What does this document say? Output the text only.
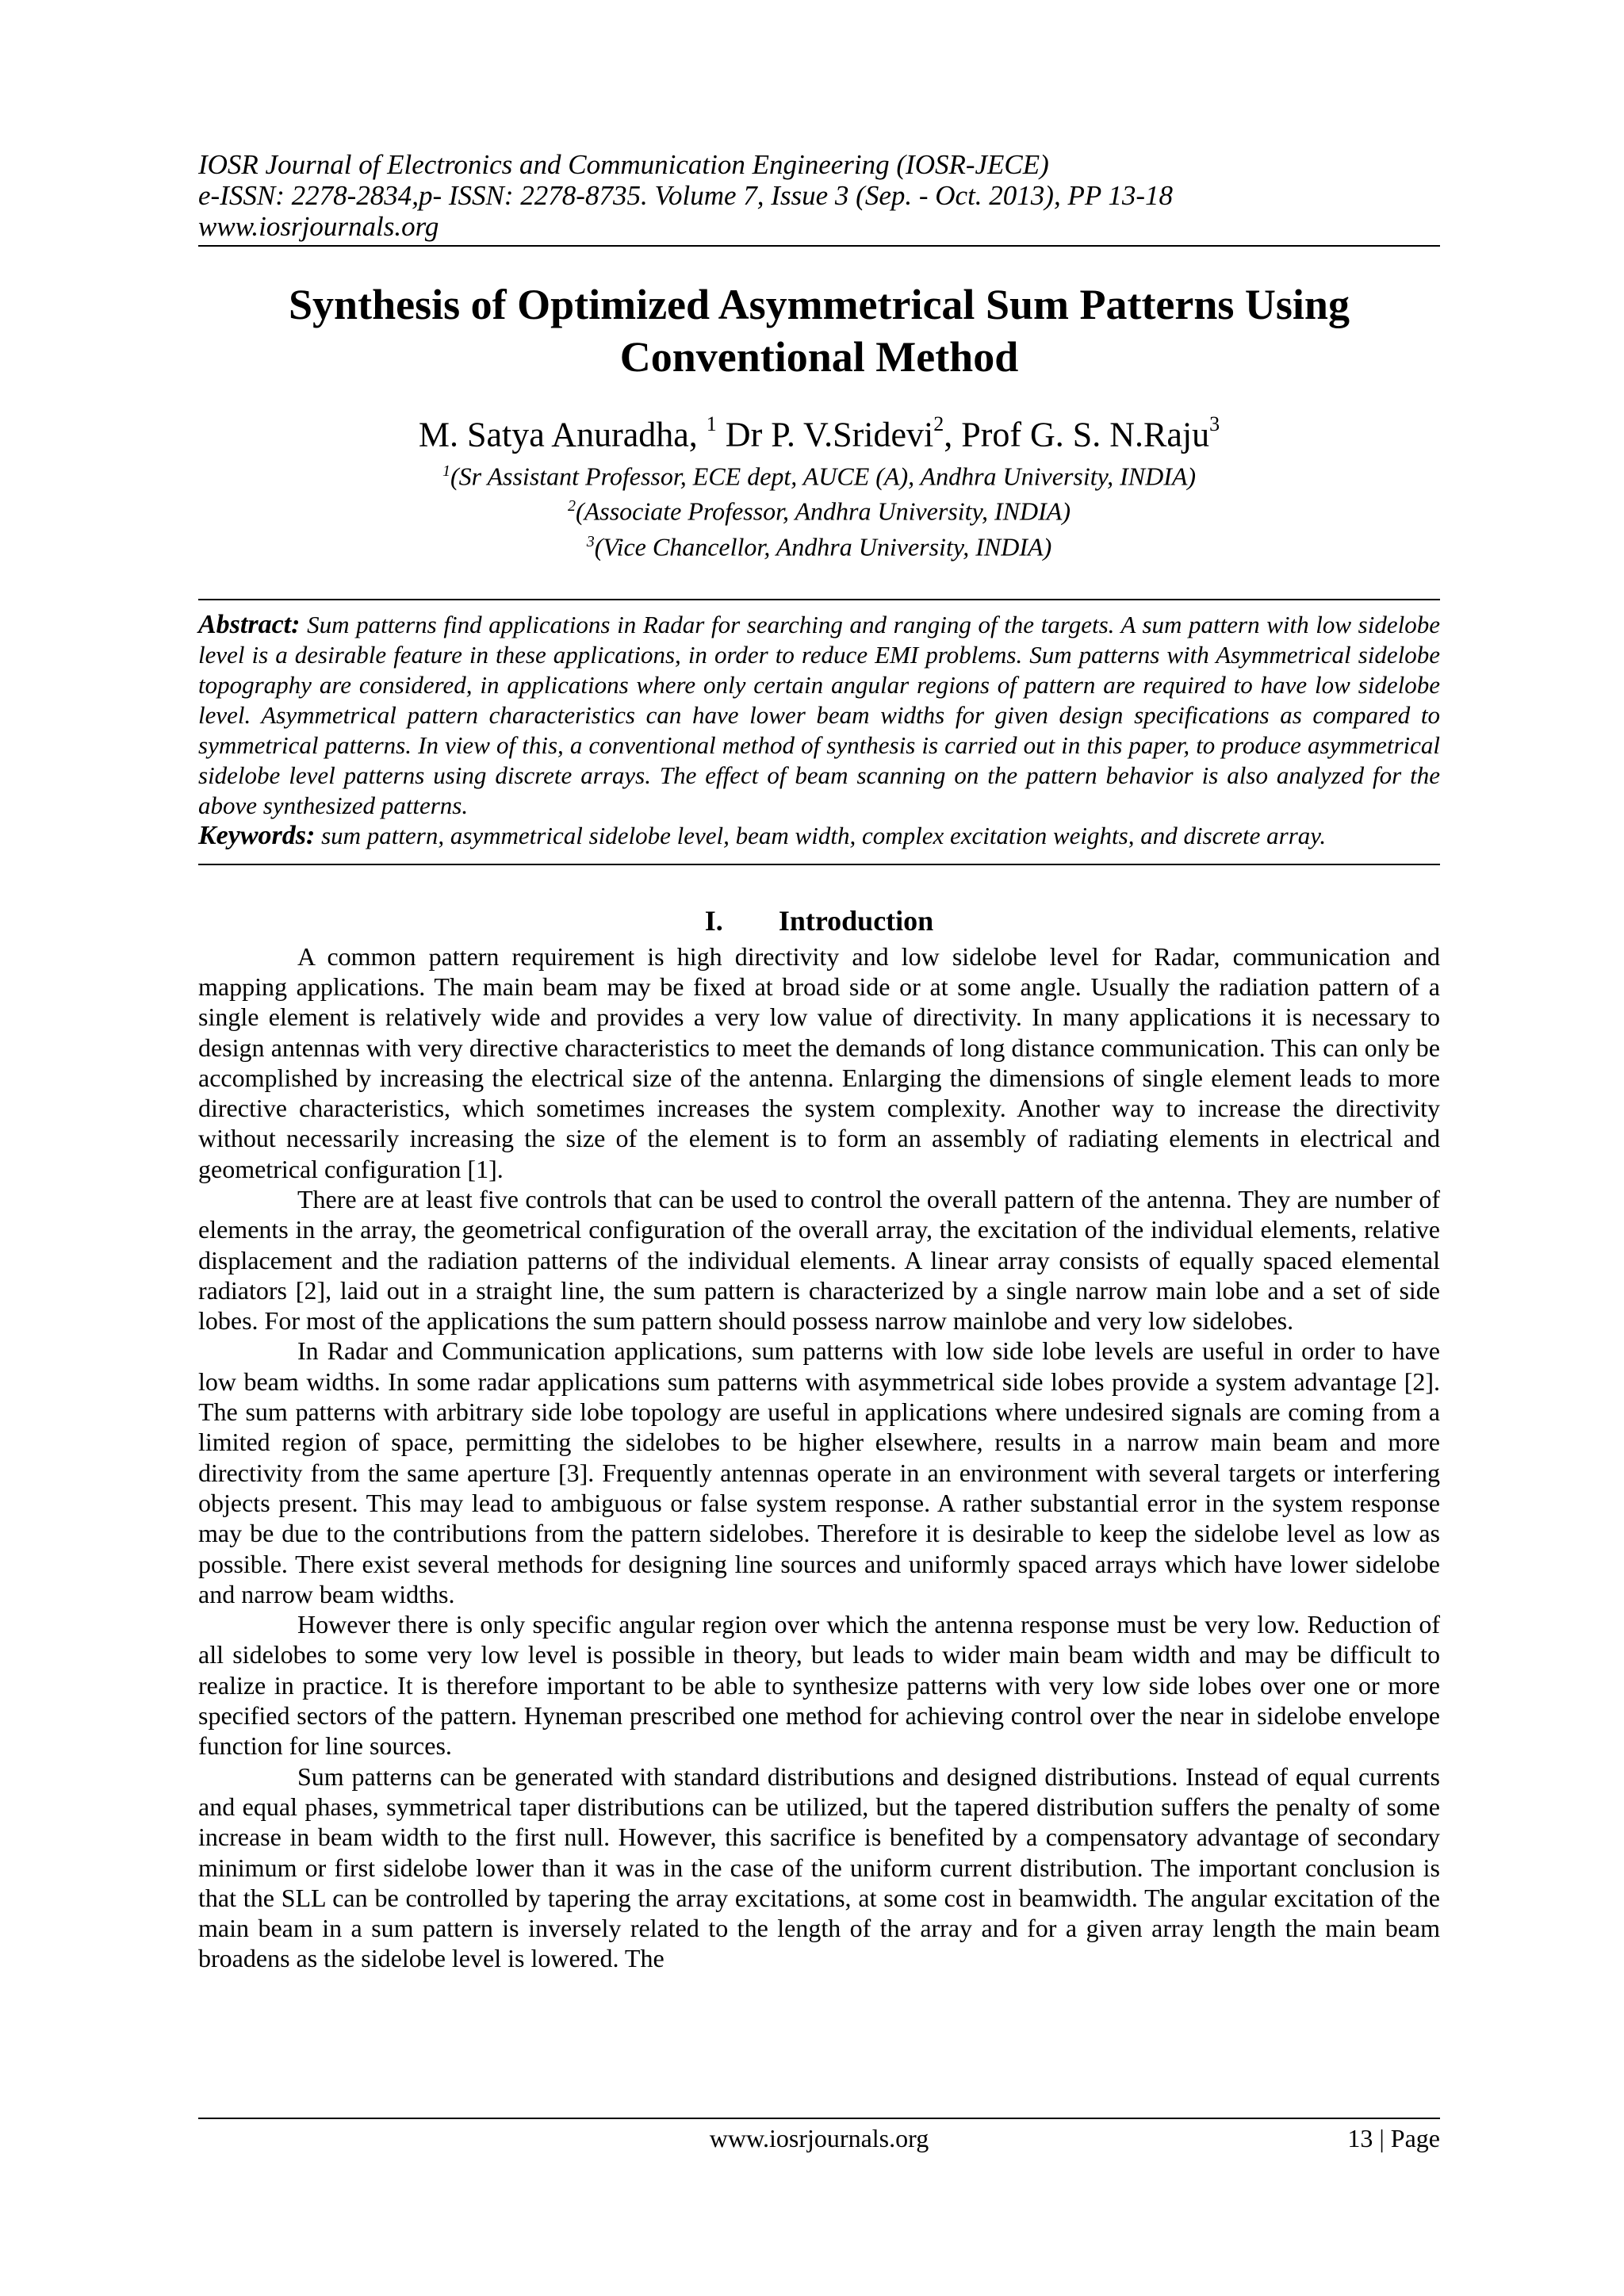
IOSR Journal of Electronics and Communication Engineering (IOSR-JECE)
e-ISSN: 2278-2834,p- ISSN: 2278-8735. Volume 7, Issue 3 (Sep. - Oct. 2013), PP 13-18
www.iosrjournals.org
Synthesis of Optimized Asymmetrical Sum Patterns Using
Conventional Method
M. Satya Anuradha, $^1$ Dr P. V.Sridevi$^2$, Prof G. S. N.Raju$^3$
$^1$(Sr Assistant Professor, ECE dept, AUCE (A), Andhra University, INDIA)
$^2$(Associate Professor, Andhra University, INDIA)
$^3$(Vice Chancellor, Andhra University, INDIA)

Abstract: Sum patterns find applications in Radar for searching and ranging of the targets. A sum pattern with low sidelobe level is a desirable feature in these applications, in order to reduce EMI problems. Sum patterns with Asymmetrical sidelobe topography are considered, in applications where only certain angular regions of pattern are required to have low sidelobe level. Asymmetrical pattern characteristics can have lower beam widths for given design specifications as compared to symmetrical patterns. In view of this, a conventional method of synthesis is carried out in this paper, to produce asymmetrical sidelobe level patterns using discrete arrays. The effect of beam scanning on the pattern behavior is also analyzed for the above synthesized patterns.

Keywords: sum pattern, asymmetrical sidelobe level, beam width, complex excitation weights, and discrete array.

I. Introduction

A common pattern requirement is high directivity and low sidelobe level for Radar, communication and mapping applications. The main beam may be fixed at broad side or at some angle. Usually the radiation pattern of a single element is relatively wide and provides a very low value of directivity. In many applications it is necessary to design antennas with very directive characteristics to meet the demands of long distance communication. This can only be accomplished by increasing the electrical size of the antenna. Enlarging the dimensions of single element leads to more directive characteristics, which sometimes increases the system complexity. Another way to increase the directivity without necessarily increasing the size of the element is to form an assembly of radiating elements in electrical and geometrical configuration [1].

There are at least five controls that can be used to control the overall pattern of the antenna. They are number of elements in the array, the geometrical configuration of the overall array, the excitation of the individual elements, relative displacement and the radiation patterns of the individual elements. A linear array consists of equally spaced elemental radiators [2], laid out in a straight line, the sum pattern is characterized by a single narrow main lobe and a set of side lobes. For most of the applications the sum pattern should possess narrow mainlobe and very low sidelobes.

In Radar and Communication applications, sum patterns with low side lobe levels are useful in order to have low beam widths. In some radar applications sum patterns with asymmetrical side lobes provide a system advantage [2]. The sum patterns with arbitrary side lobe topology are useful in applications where undesired signals are coming from a limited region of space, permitting the sidelobes to be higher elsewhere, results in a narrow main beam and more directivity from the same aperture [3]. Frequently antennas operate in an environment with several targets or interfering objects present. This may lead to ambiguous or false system response. A rather substantial error in the system response may be due to the contributions from the pattern sidelobes. Therefore it is desirable to keep the sidelobe level as low as possible. There exist several methods for designing line sources and uniformly spaced arrays which have lower sidelobe and narrow beam widths.

However there is only specific angular region over which the antenna response must be very low. Reduction of all sidelobes to some very low level is possible in theory, but leads to wider main beam width and may be difficult to realize in practice. It is therefore important to be able to synthesize patterns with very low side lobes over one or more specified sectors of the pattern. Hyneman prescribed one method for achieving control over the near in sidelobe envelope function for line sources.

Sum patterns can be generated with standard distributions and designed distributions. Instead of equal currents and equal phases, symmetrical taper distributions can be utilized, but the tapered distribution suffers the penalty of some increase in beam width to the first null. However, this sacrifice is benefited by a compensatory advantage of secondary minimum or first sidelobe lower than it was in the case of the uniform current distribution. The important conclusion is that the SLL can be controlled by tapering the array excitations, at some cost in beamwidth. The angular excitation of the main beam in a sum pattern is inversely related to the length of the array and for a given array length the main beam broadens as the sidelobe level is lowered. The

www.iosrjournals.org	13 | Page
